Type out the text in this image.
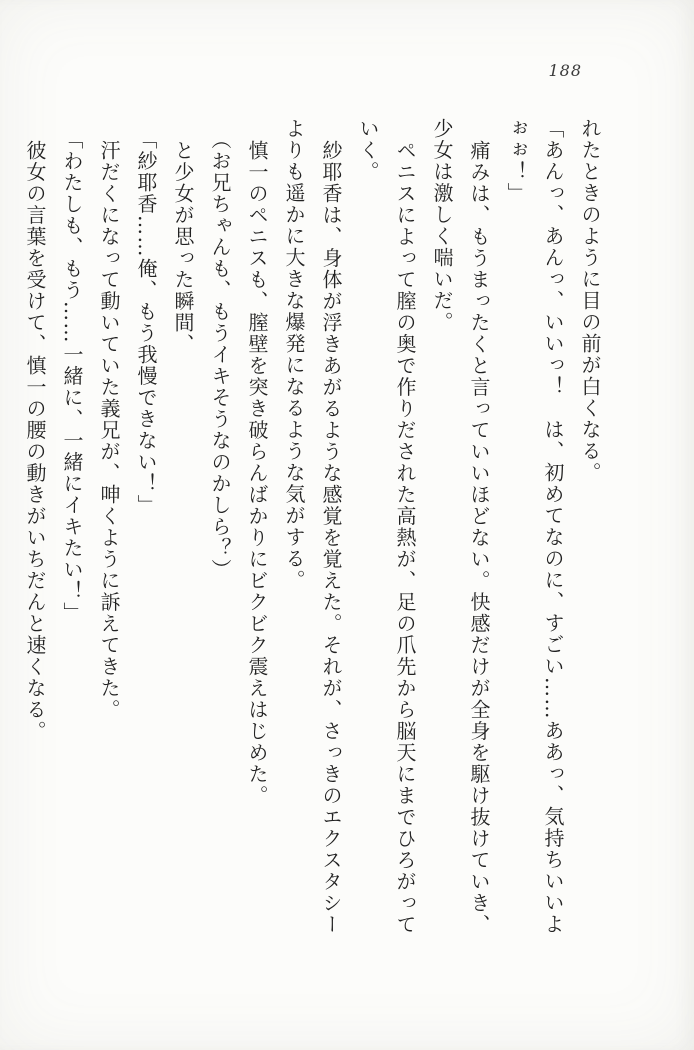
188
れたときのように目の前が白くなる。
「あんっ、あんっ、いいっ！　は、初めてなのに、すごい……ああっ、気持ちいいよ
ぉぉ！」
痛みは、もうまったくと言っていいほどない。快感だけが全身を駆け抜けていき、
少女は激しく喘いだ。
ペニスによって膣の奥で作りだされた高熱が、足の爪先から脳天にまでひろがって
いく。
紗耶香は、身体が浮きあがるような感覚を覚えた。それが、さっきのエクスタシー
よりも遥かに大きな爆発になるような気がする。
慎一のペニスも、膣壁を突き破らんばかりにビクビク震えはじめた。
（お兄ちゃんも、もうイキそうなのかしら？）
と少女が思った瞬間、
「紗耶香……俺、もう我慢できない！」
汗だくになって動いていた義兄が、呻くように訴えてきた。
「わたしも、もう……一緒に、一緒にイキたい！」
彼女の言葉を受けて、慎一の腰の動きがいちだんと速くなる。
